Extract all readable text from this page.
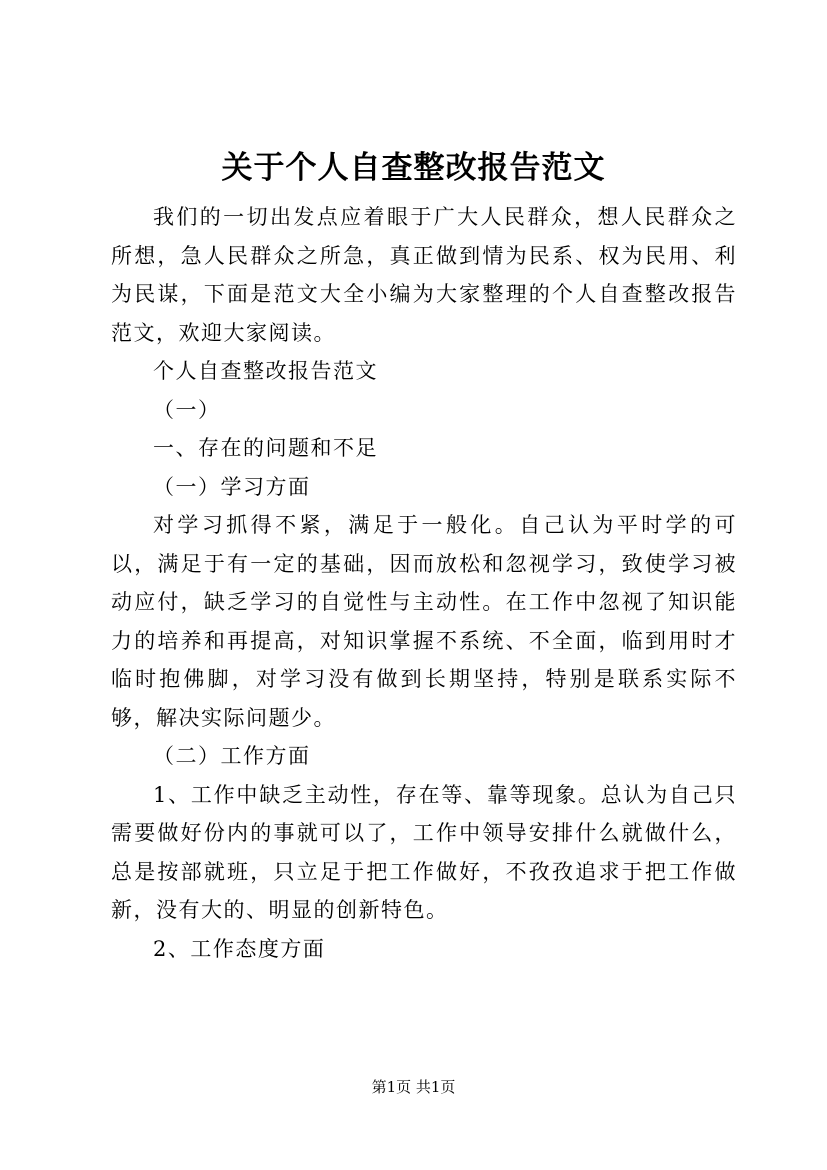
关于个人自查整改报告范文

我们的一切出发点应着眼于广大人民群众，想人民群众之所想，急人民群众之所急，真正做到情为民系、权为民用、利为民谋，下面是范文大全小编为大家整理的个人自查整改报告范文，欢迎大家阅读。

个人自查整改报告范文

（一）

一、存在的问题和不足

（一）学习方面

对学习抓得不紧，满足于一般化。自己认为平时学的可以，满足于有一定的基础，因而放松和忽视学习，致使学习被动应付，缺乏学习的自觉性与主动性。在工作中忽视了知识能力的培养和再提高，对知识掌握不系统、不全面，临到用时才临时抱佛脚，对学习没有做到长期坚持，特别是联系实际不够，解决实际问题少。

（二）工作方面

1、工作中缺乏主动性，存在等、靠等现象。总认为自己只需要做好份内的事就可以了，工作中领导安排什么就做什么，总是按部就班，只立足于把工作做好，不孜孜追求于把工作做新，没有大的、明显的创新特色。

2、工作态度方面

第1页 共1页
